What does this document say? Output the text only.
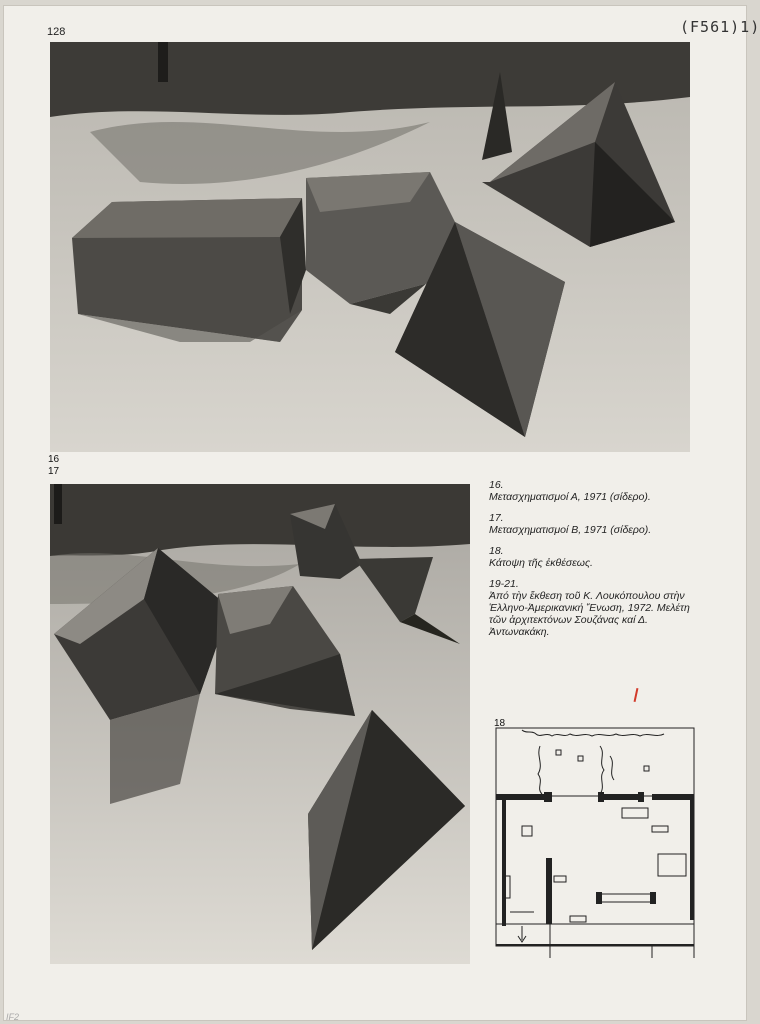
128	(F561)1)
16
17
16.
Μετασχηματισμοί Α, 1971 (σίδερο).
17.
Μετασχηματισμοί Β, 1971 (σίδερο).
18.
Κάτοψη τῆς ἐκθέσεως.
19-21.
Ἀπό τὴν ἔκθεση τοῦ Κ. Λουκόπουλου στὴν Ἑλληνο-Ἀμερικανική Ἕνωση, 1972. Μελέτη τῶν ἀρχιτεκτόνων Σουζάνας καί Δ. Ἀντωνακάκη.
18
IF2
